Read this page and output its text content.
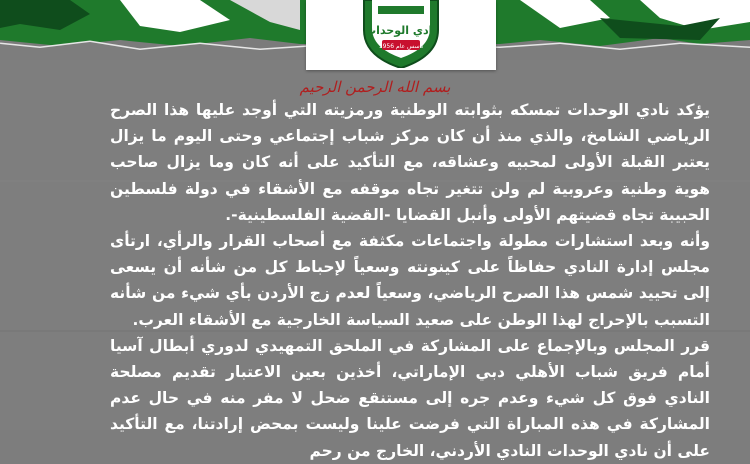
نادي الوحدات
تأسس عام 1956
بسم الله الرحمن الرحيم

يؤكد نادي الوحدات تمسكه بثوابته الوطنية ورمزيته التي أوجد عليها هذا الصرح الرياضي الشامخ، والذي منذ أن كان مركز شباب إجتماعي وحتى اليوم ما يزال يعتبر القبلة الأولى لمحبيه وعشاقه، مع التأكيد على أنه كان وما يزال صاحب هوية وطنية وعروبية لم ولن تتغير تجاه موقفه مع الأشقاء في دولة فلسطين الحبيبة تجاه قضيتهم الأولى وأنبل القضايا -القضية الفلسطينية-.

وأنه وبعد استشارات مطولة واجتماعات مكثفة مع أصحاب القرار والرأي، ارتأى مجلس إدارة النادي حفاظاً على كينونته وسعياً لإحباط كل من شأنه أن يسعى إلى تحييد شمس هذا الصرح الرياضي، وسعياً لعدم زج الأردن بأي شيء من شأنه التسبب بالإحراج لهذا الوطن على صعيد السياسة الخارجية مع الأشقاء العرب.

قرر المجلس وبالإجماع على المشاركة في الملحق التمهيدي لدوري أبطال آسيا أمام فريق شباب الأهلي دبي الإماراتي، أخذين بعين الاعتبار تقديم مصلحة النادي فوق كل شيء وعدم جره إلى مستنقع ضحل لا مفر منه في حال عدم المشاركة في هذه المباراة التي فرضت علينا وليست بمحض إرادتنا، مع التأكيد على أن نادي الوحدات النادي الأردني، الخارج من رحم
